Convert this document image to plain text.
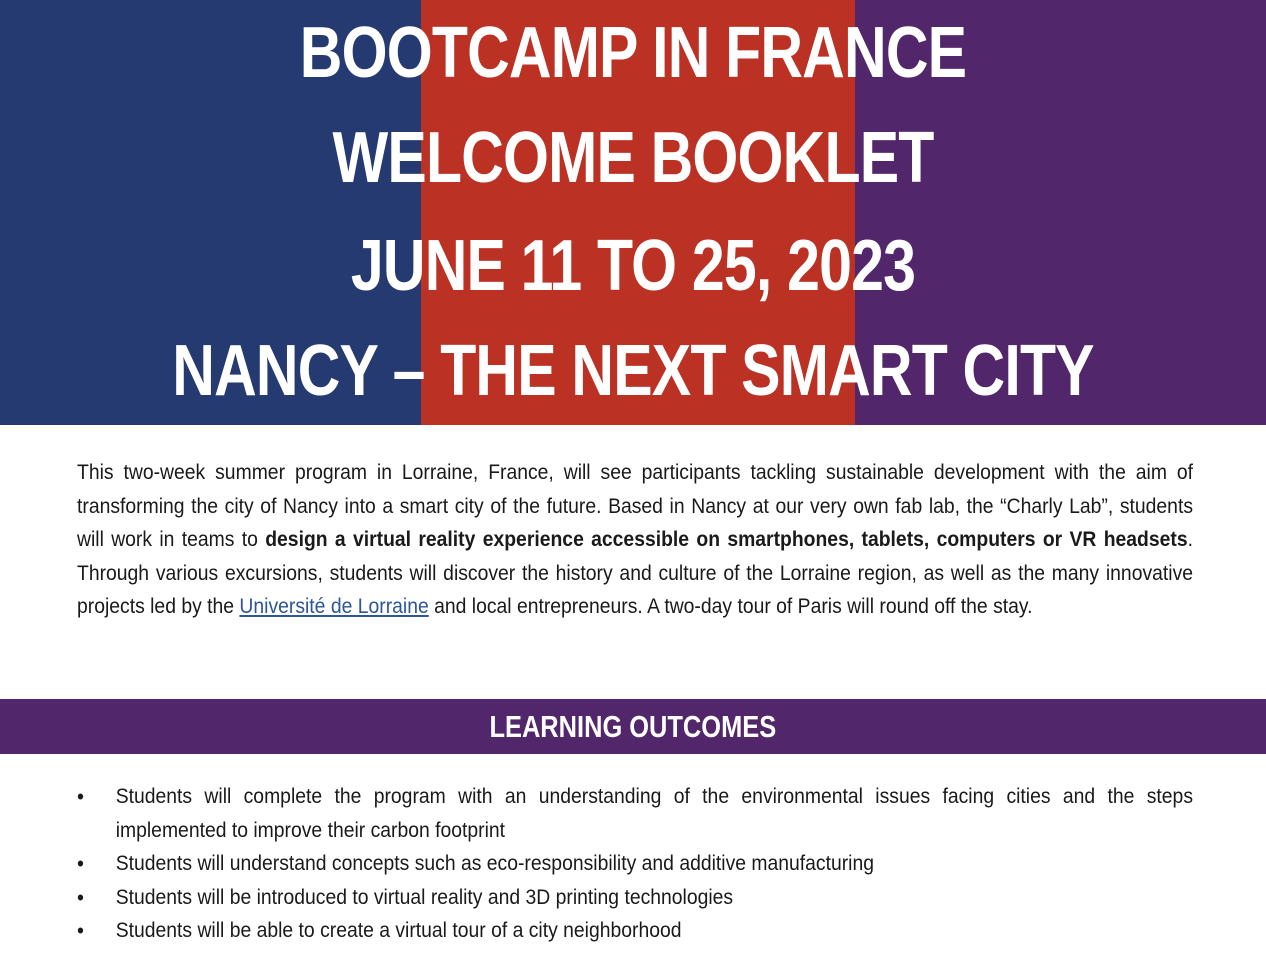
BOOTCAMP IN FRANCE
WELCOME BOOKLET
JUNE 11 TO 25, 2023
NANCY – THE NEXT SMART CITY

This two-week summer program in Lorraine, France, will see participants tackling sustainable development with the aim of transforming the city of Nancy into a smart city of the future. Based in Nancy at our very own fab lab, the “Charly Lab”, students will work in teams to design a virtual reality experience accessible on smartphones, tablets, computers or VR headsets. Through various excursions, students will discover the history and culture of the Lorraine region, as well as the many innovative projects led by the Université de Lorraine and local entrepreneurs. A two-day tour of Paris will round off the stay.

LEARNING OUTCOMES
• Students will complete the program with an understanding of the environmental issues facing cities and the steps implemented to improve their carbon footprint
• Students will understand concepts such as eco-responsibility and additive manufacturing
• Students will be introduced to virtual reality and 3D printing technologies
• Students will be able to create a virtual tour of a city neighborhood
